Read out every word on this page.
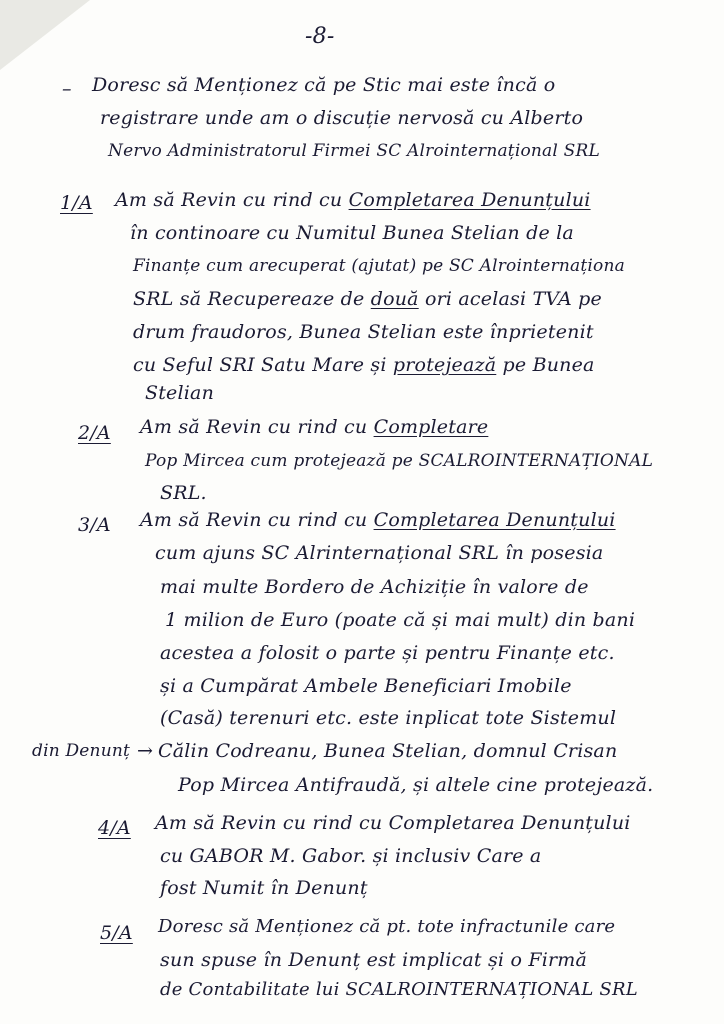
-8-
– Doresc să Menționez că pe Stic mai este încă o
registrare unde am o discuție nervosă cu Alberto
Nervo Administratorul Firmei SC Alrointernațional SRL
1/A Am să Revin cu rind cu Completarea Denunțului
în continoare cu Numitul Bunea Stelian de la
Finanțe cum arecuperat (ajutat) pe SC Alrointernaționa
SRL să Recupereaze de două ori acelasi TVA pe
drum fraudoros, Bunea Stelian este înprietenit
cu Seful SRI Satu Mare și protejează pe Bunea
Stelian
2/A Am să Revin cu rind cu Completare
Pop Mircea cum protejează pe SCALROINTERNAȚIONAL
SRL.
3/A Am să Revin cu rind cu Completarea Denunțului
cum ajuns SC Alrinternațional SRL în posesia
mai multe Bordero de Achiziție în valore de
1 milion de Euro (poate că și mai mult) din bani
acestea a folosit o parte și pentru Finanțe etc.
și a Cumpărat Ambele Beneficiari Imobile
(Casă) terenuri etc. este inplicat tote Sistemul
din Denunț → Călin Codreanu, Bunea Stelian, domnul Crisan
Pop Mircea Antifraudă, și altele cine protejează.
4/A Am să Revin cu rind cu Completarea Denunțului
cu GABOR M. Gabor. și inclusiv Care a
fost Numit în Denunț
5/A Doresc să Menționez că pt. tote infractunile care
sun spuse în Denunț est implicat și o Firmă
de Contabilitate lui SCALROINTERNAȚIONAL SRL
